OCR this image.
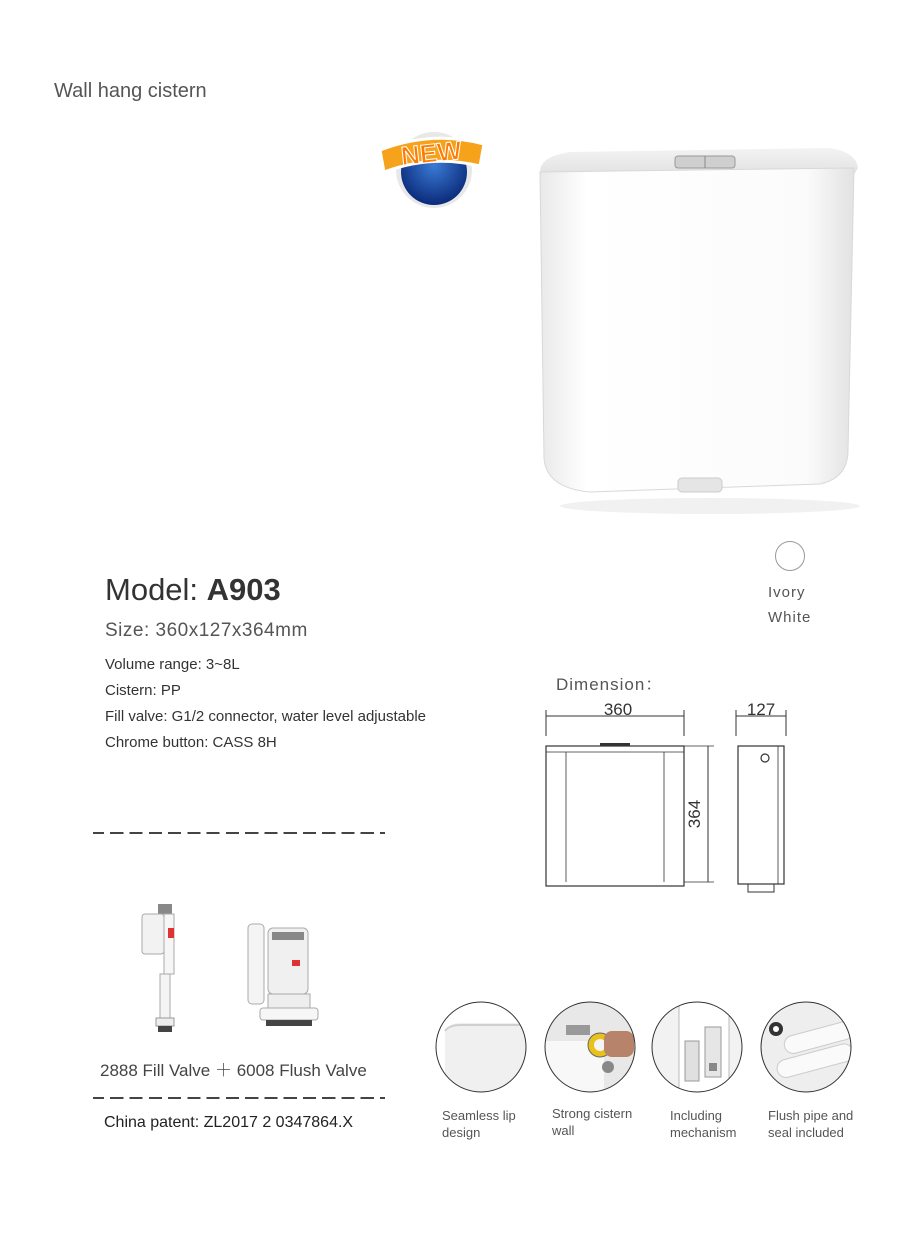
Wall hang cistern
NEW
Ivory
White
Model: A903
Size: 360x127x364mm
Volume range: 3~8L
Cistern: PP
Fill valve: G1/2 connector, water level adjustable
Chrome button: CASS 8H
Dimension：
360
364
127
2888 Fill Valve ＋ 6008 Flush Valve
China patent: ZL2017 2 0347864.X	Seamless lip design
Strong cistern wall
Including mechanism
Flush pipe and seal included
